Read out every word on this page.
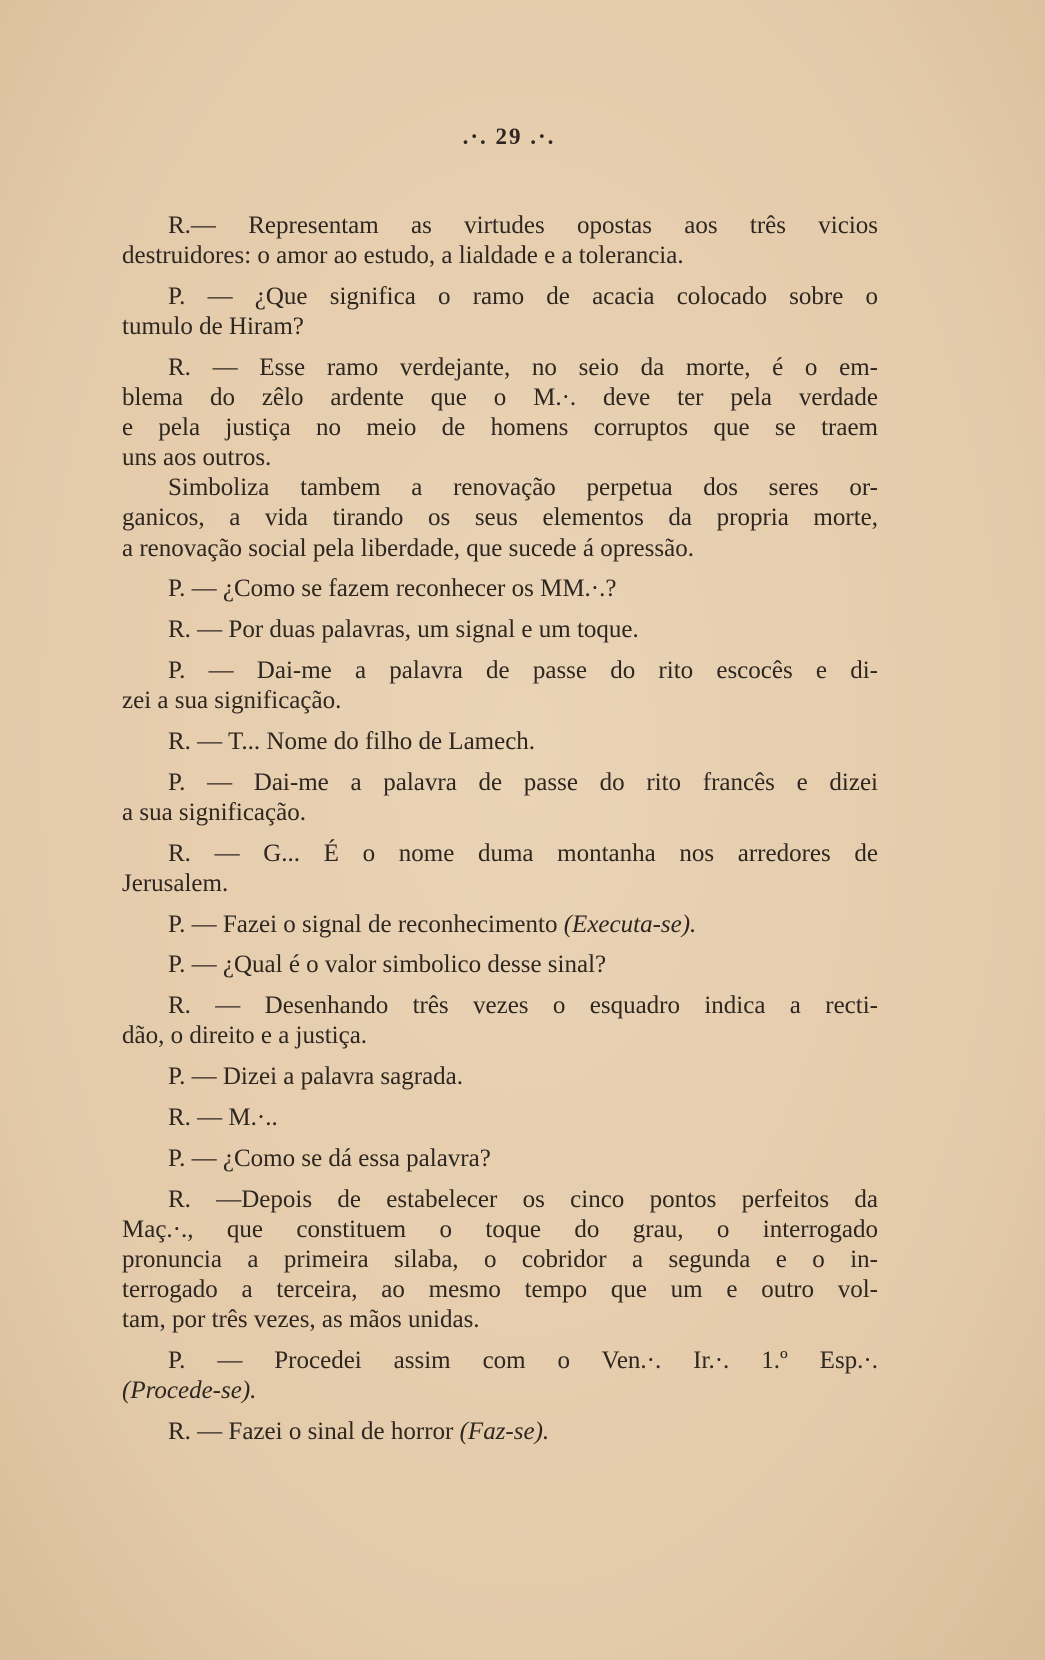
.·. 29 .·.
R.— Representam as virtudes opostas aos três vicios
destruidores: o amor ao estudo, a lialdade e a tolerancia.
P. — ¿Que significa o ramo de acacia colocado sobre o
tumulo de Hiram?
R. — Esse ramo verdejante, no seio da morte, é o em-
blema do zêlo ardente que o M.·. deve ter pela verdade
e pela justiça no meio de homens corruptos que se traem
uns aos outros.
Simboliza tambem a renovação perpetua dos seres or-
ganicos, a vida tirando os seus elementos da propria morte,
a renovação social pela liberdade, que sucede á opressão.
P. — ¿Como se fazem reconhecer os MM.·.?
R. — Por duas palavras, um signal e um toque.
P. — Dai-me a palavra de passe do rito escocês e di-
zei a sua significação.
R. — T... Nome do filho de Lamech.
P. — Dai-me a palavra de passe do rito francês e dizei
a sua significação.
R. — G... É o nome duma montanha nos arredores de
Jerusalem.
P. — Fazei o signal de reconhecimento (Executa-se).
P. — ¿Qual é o valor simbolico desse sinal?
R. — Desenhando três vezes o esquadro indica a recti-
dão, o direito e a justiça.
P. — Dizei a palavra sagrada.
R. — M.·..
P. — ¿Como se dá essa palavra?
R. —Depois de estabelecer os cinco pontos perfeitos da
Maç.·., que constituem o toque do grau, o interrogado
pronuncia a primeira silaba, o cobridor a segunda e o in-
terrogado a terceira, ao mesmo tempo que um e outro vol-
tam, por três vezes, as mãos unidas.
P. — Procedei assim com o Ven.·. Ir.·. 1.º Esp.·.
(Procede-se).
R. — Fazei o sinal de horror (Faz-se).
